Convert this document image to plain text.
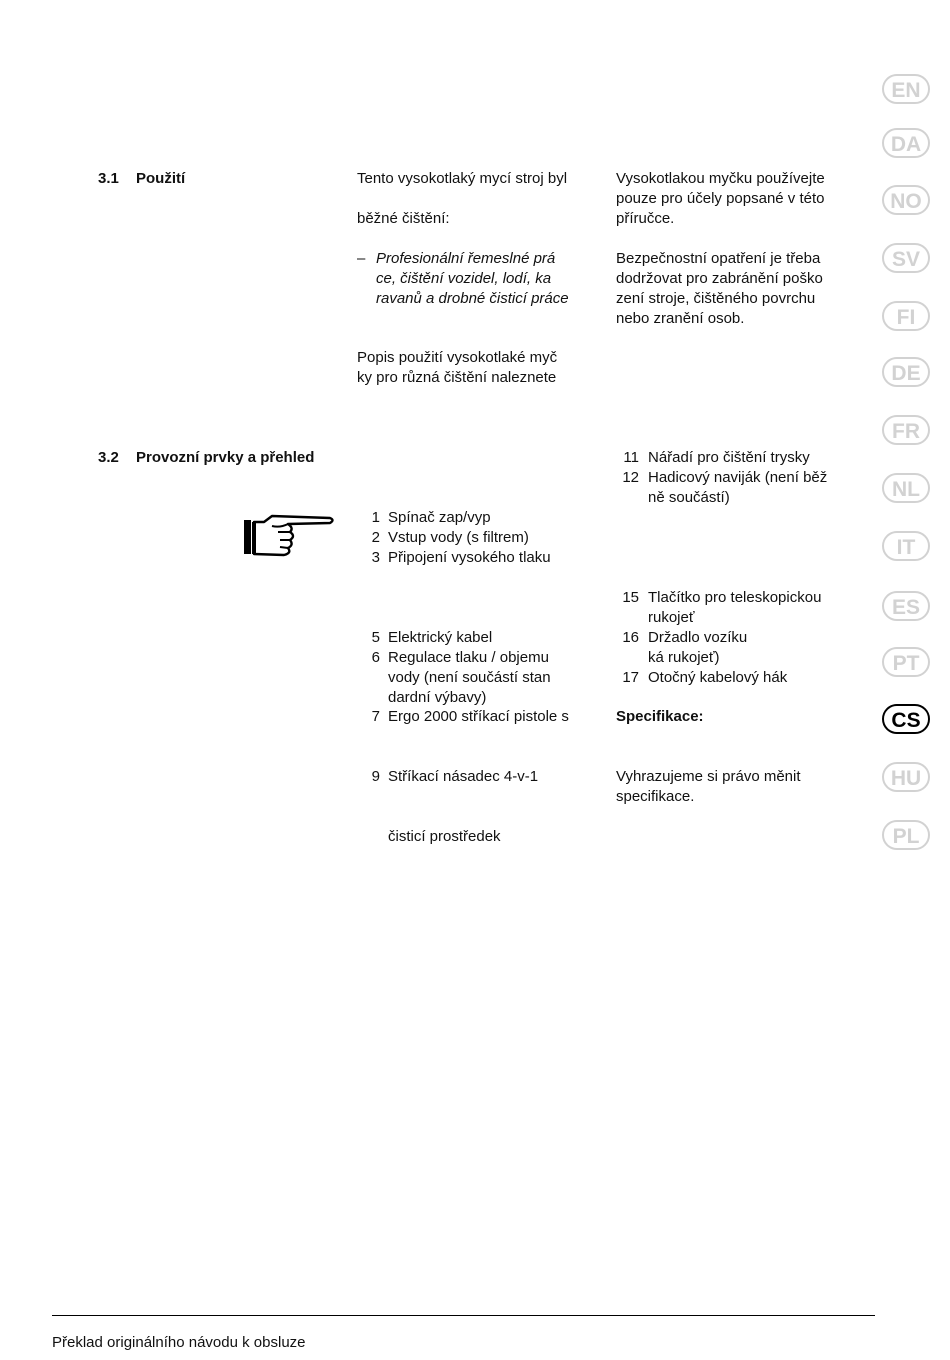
3.1 Použití	Tento vysokotlaký mycí stroj byl
běžné čištění:
– Profesionální řemeslné prá
ce, čištění vozidel, lodí, ka
ravanů a drobné čisticí práce
Popis použití vysokotlaké myč
ky pro různá čištění naleznete
Vysokotlakou myčku používejte
pouze pro účely popsané v této
příručce.
Bezpečnostní opatření je třeba
dodržovat pro zabránění poško
zení stroje, čištěného povrchu
nebo zranění osob.
3.2 Provozní prvky a přehled
1 Spínač zap/vyp
2 Vstup vody (s filtrem)
3 Připojení vysokého tlaku
5 Elektrický kabel
6 Regulace tlaku / objemu
vody (není součástí stan
dardní výbavy)
7 Ergo 2000 stříkací pistole s
9 Stříkací násadec 4-v-1
čisticí prostředek
11 Nářadí pro čištění trysky
12 Hadicový naviják (není běž
ně součástí)
15 Tlačítko pro teleskopickou
rukojeť
16 Držadlo vozíku
ká rukojeť)
17 Otočný kabelový hák
Specifikace:
Vyhrazujeme si právo měnit
specifikace.
EN
DA
NO
SV
FI
DE
FR
NL
IT
ES
PT
CS
HU
PL
Překlad originálního návodu k obsluze
